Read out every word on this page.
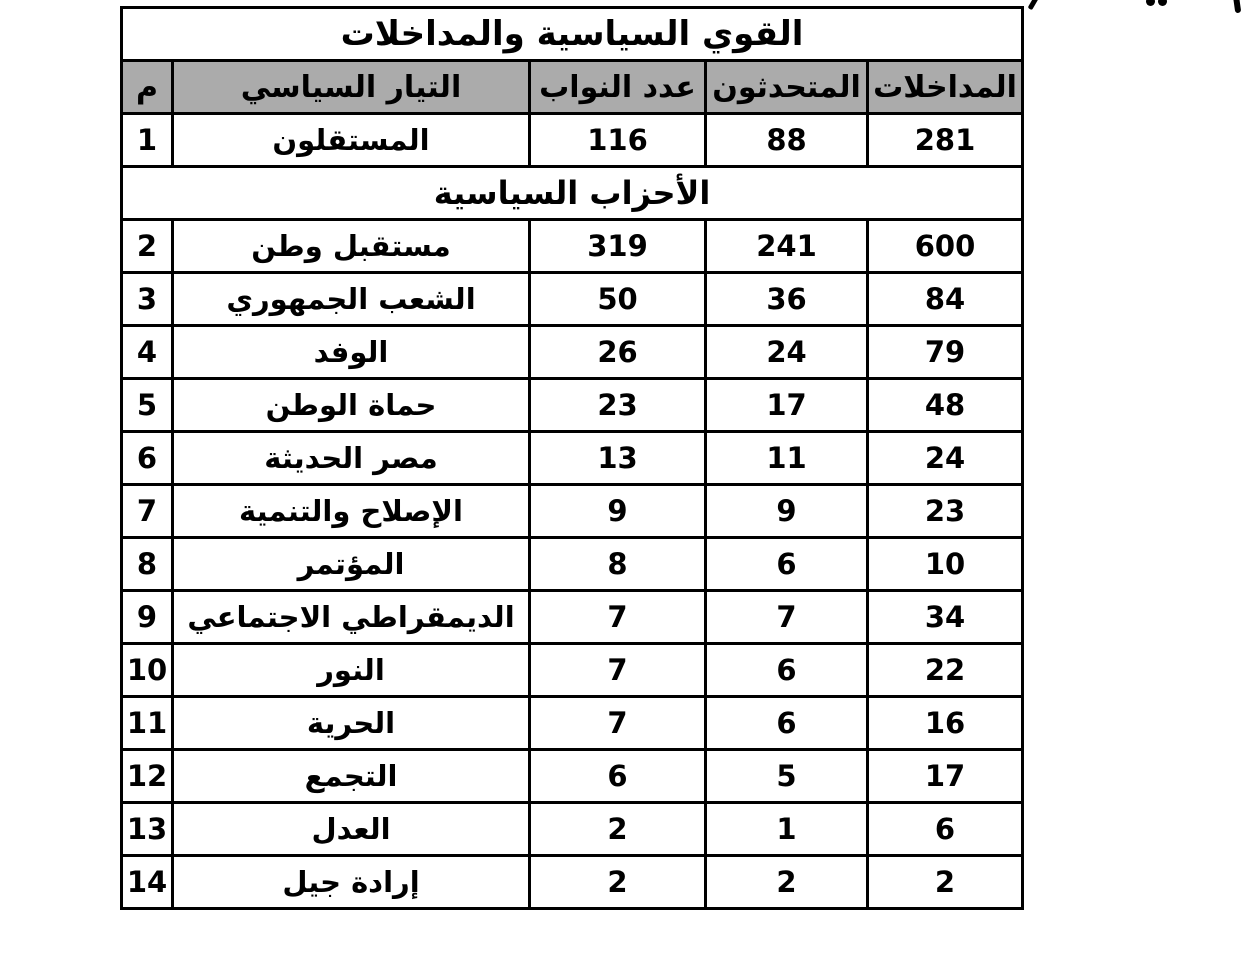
القوي السياسية والمداخلات				
م	التيار السياسي	عدد النواب	المتحدثون	المداخلات
1	المستقلون	116	88	281
الأحزاب السياسية				
2	مستقبل وطن	319	241	600
3	الشعب الجمهوري	50	36	84
4	الوفد	26	24	79
5	حماة الوطن	23	17	48
6	مصر الحديثة	13	11	24
7	الإصلاح والتنمية	9	9	23
8	المؤتمر	8	6	10
9	الديمقراطي الاجتماعي	7	7	34
10	النور	7	6	22
11	الحرية	7	6	16
12	التجمع	6	5	17
13	العدل	2	1	6
14	إرادة جيل	2	2	2
